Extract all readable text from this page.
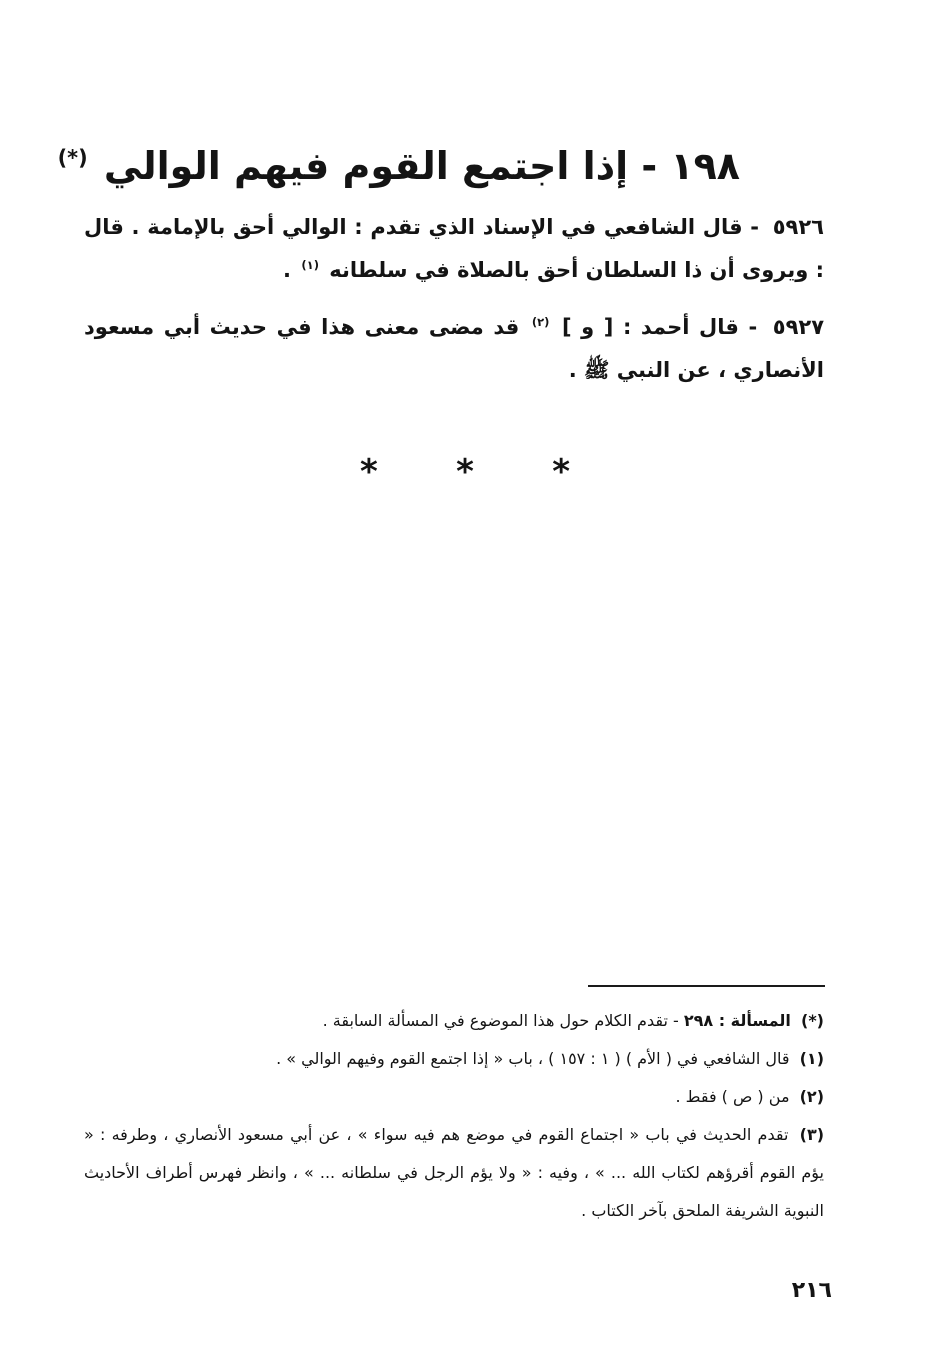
١٩٨ - إذا اجتمع القوم فيهم الوالي (*)

٥٩٢٦ - قال الشافعي في الإسناد الذي تقدم : الوالي أحق بالإمامة . قال : ويروى أن ذا السلطان أحق بالصلاة في سلطانه $^{(١)}$ .

٥٩٢٧ - قال أحمد : [ و ] $^{(٢)}$ قد مضى معنى هذا في حديث أبي مسعود الأنصاري ، عن النبي ﷺ .

* * *

(*) المسألة : ٢٩٨ - تقدم الكلام حول هذا الموضوع في المسألة السابقة .

(١) قال الشافعي في ( الأم ) ( ١ : ١٥٧ ) ، باب « إذا اجتمع القوم وفيهم الوالي » .

(٢) من ( ص ) فقط .

(٣) تقدم الحديث في باب « اجتماع القوم في موضع هم فيه سواء » ، عن أبي مسعود الأنصاري ، وطرفه : « يؤم القوم أقرؤهم لكتاب الله ... » ، وفيه : « ولا يؤم الرجل في سلطانه ... » ، وانظر فهرس أطراف الأحاديث النبوية الشريفة الملحق بآخر الكتاب .

٢١٦
